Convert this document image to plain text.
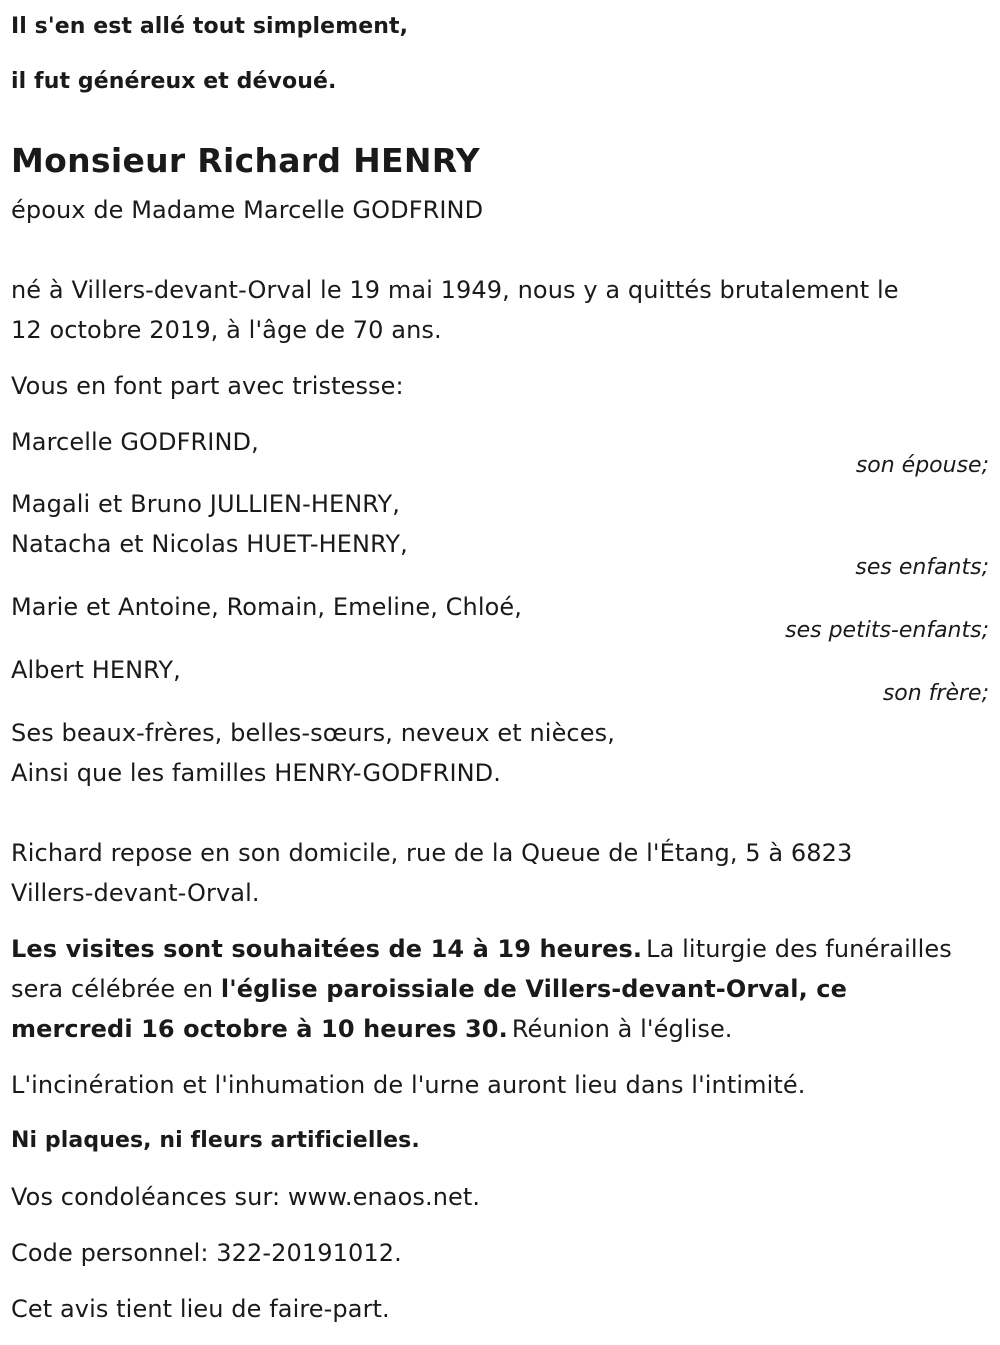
Il s'en est allé tout simplement,
il fut généreux et dévoué.
Monsieur Richard HENRY
époux de Madame Marcelle GODFRIND
né à Villers-devant-Orval le 19 mai 1949, nous y a quittés brutalement le
12 octobre 2019, à l'âge de 70 ans.
Vous en font part avec tristesse:
Marcelle GODFRIND,
son épouse;
Magali et Bruno JULLIEN-HENRY,
Natacha et Nicolas HUET-HENRY,
ses enfants;
Marie et Antoine, Romain, Emeline, Chloé,
ses petits-enfants;
Albert HENRY,
son frère;
Ses beaux-frères, belles-sœurs, neveux et nièces,
Ainsi que les familles HENRY-GODFRIND.
Richard repose en son domicile, rue de la Queue de l'Étang, 5 à 6823
Villers-devant-Orval.
Les visites sont souhaitées de 14 à 19 heures. La liturgie des funérailles
sera célébrée en l'église paroissiale de Villers-devant-Orval, ce
mercredi 16 octobre à 10 heures 30. Réunion à l'église.
L'incinération et l'inhumation de l'urne auront lieu dans l'intimité.
Ni plaques, ni fleurs artificielles.
Vos condoléances sur: www.enaos.net.
Code personnel: 322-20191012.
Cet avis tient lieu de faire-part.
